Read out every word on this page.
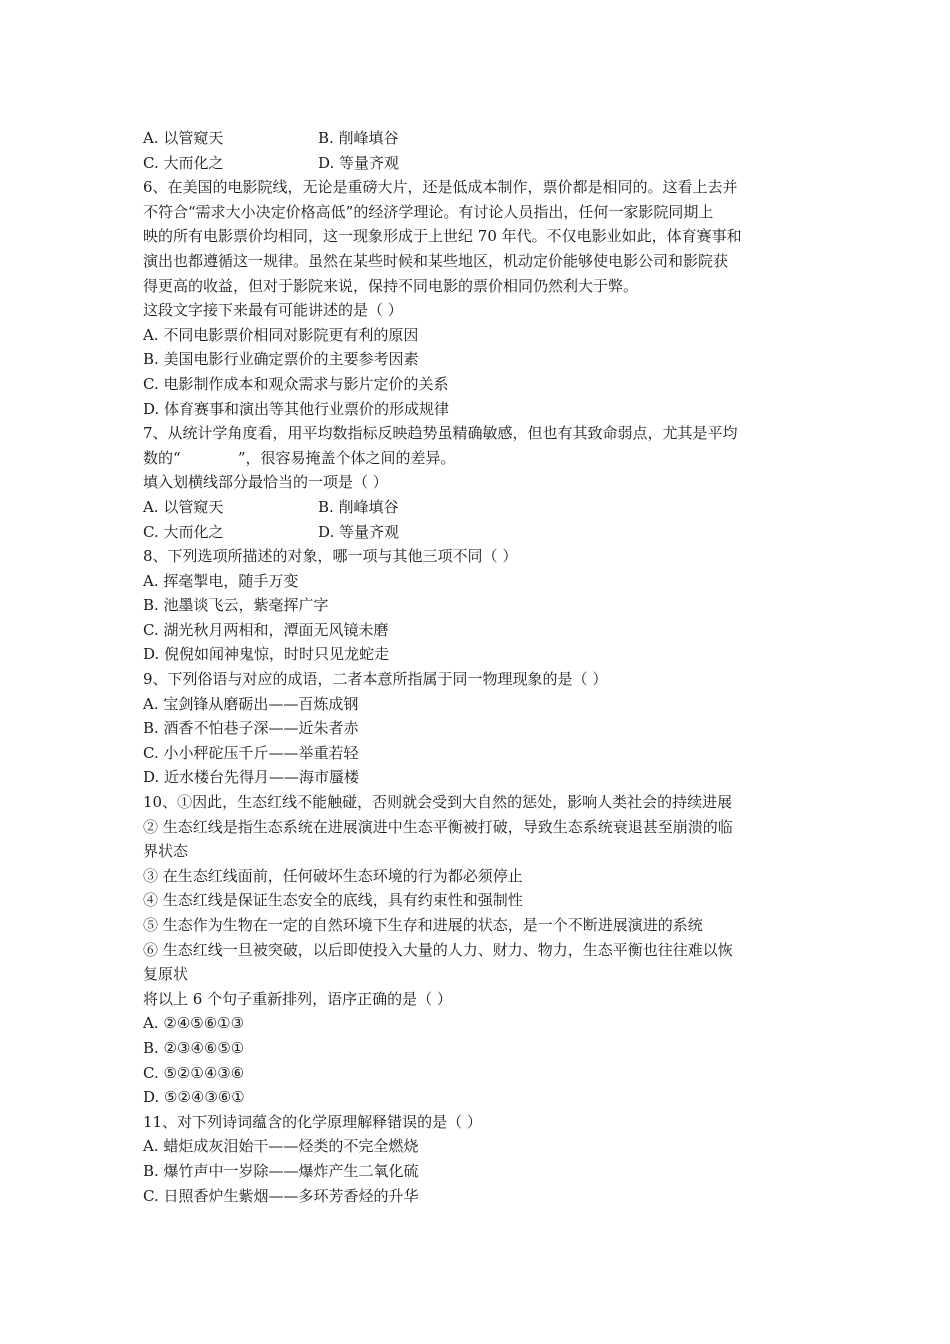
A. 以管窥天	B. 削峰填谷
C. 大而化之	D. 等量齐观
6、在美国的电影院线，无论是重磅大片，还是低成本制作，票价都是相同的。这看上去并
不符合“需求大小决定价格高低”的经济学理论。有讨论人员指出，任何一家影院同期上
映的所有电影票价均相同，这一现象形成于上世纪 70 年代。不仅电影业如此，体育赛事和
演出也都遵循这一规律。虽然在某些时候和某些地区，机动定价能够使电影公司和影院获
得更高的收益，但对于影院来说，保持不同电影的票价相同仍然利大于弊。
这段文字接下来最有可能讲述的是（ ）
A. 不同电影票价相同对影院更有利的原因
B. 美国电影行业确定票价的主要参考因素
C. 电影制作成本和观众需求与影片定价的关系
D. 体育赛事和演出等其他行业票价的形成规律
7、从统计学角度看，用平均数指标反映趋势虽精确敏感，但也有其致命弱点，尤其是平均
数的“            ”，很容易掩盖个体之间的差异。
填入划横线部分最恰当的一项是（ ）
A. 以管窥天	B. 削峰填谷
C. 大而化之	D. 等量齐观
8、下列选项所描述的对象，哪一项与其他三项不同（ ）
A. 挥毫掣电，随手万变
B. 池墨谈飞云，紫毫挥广字
C. 湖光秋月两相和，潭面无风镜未磨
D. 倪倪如闻神鬼惊，时时只见龙蛇走
9、下列俗语与对应的成语，二者本意所指属于同一物理现象的是（ ）
A. 宝剑锋从磨砺出——百炼成钢
B. 酒香不怕巷子深——近朱者赤
C. 小小秤砣压千斤——举重若轻
D. 近水楼台先得月——海市蜃楼
10、①因此，生态红线不能触碰，否则就会受到大自然的惩处，影响人类社会的持续进展
② 生态红线是指生态系统在进展演进中生态平衡被打破，导致生态系统衰退甚至崩溃的临
界状态
③ 在生态红线面前，任何破坏生态环境的行为都必须停止
④ 生态红线是保证生态安全的底线，具有约束性和强制性
⑤ 生态作为生物在一定的自然环境下生存和进展的状态，是一个不断进展演进的系统
⑥ 生态红线一旦被突破，以后即使投入大量的人力、财力、物力，生态平衡也往往难以恢
复原状
将以上 6 个句子重新排列，语序正确的是（ ）
A. ②④⑤⑥①③
B. ②③④⑥⑤①
C. ⑤②①④③⑥
D. ⑤②④③⑥①
11、对下列诗词蕴含的化学原理解释错误的是（ ）
A. 蜡炬成灰泪始干——烃类的不完全燃烧
B. 爆竹声中一岁除——爆炸产生二氧化硫
C. 日照香炉生紫烟——多环芳香烃的升华
